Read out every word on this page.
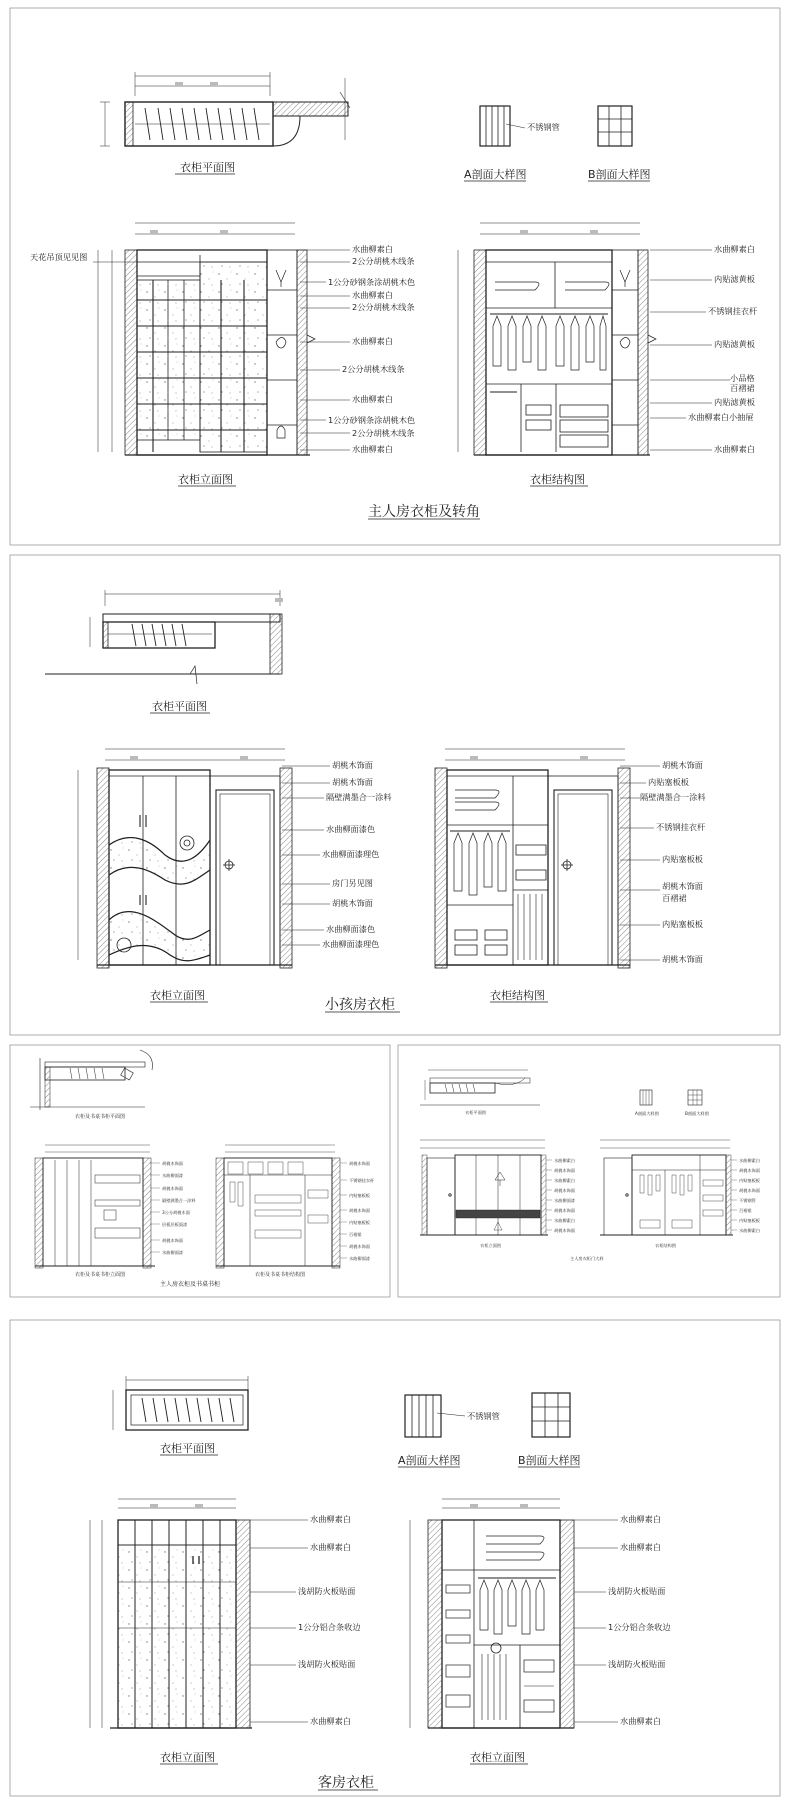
衣柜平面图
不锈钢管
A剖面大样图	B剖面大样图
天花吊顶见见图
水曲柳素白
2公分胡桃木线条
1公分砂钢条涂胡桃木色
水曲柳素白
2公分胡桃木线条
水曲柳素白
2公分胡桃木线条
水曲柳素白
1公分砂钢条涂胡桃木色
2公分胡桃木线条
水曲柳素白
衣柜立面图
水曲柳素白
内贴滤黄板
不锈钢挂衣杆
内贴滤黄板
小品格
百褶裙
内贴滤黄板
水曲柳素白小抽屉
水曲柳素白
衣柜结构图
主人房衣柜及转角
衣柜平面图
胡桃木饰面
胡桃木饰面
隔壁满墨合一涂料
水曲柳面漆色
水曲柳面漆理色
房门另见图
胡桃木饰面
水曲柳面漆色
水曲柳面漆理色
衣柜立面图
胡桃木饰面
内贴塞板板
隔壁满墨合一涂料
不锈钢挂衣杆
内贴塞板板
胡桃木饰面
百褶裙
内贴塞板板
胡桃木饰面
衣柜结构图
小孩房衣柜
衣柜及书桌书柜平面图
胡桃木饰面
水曲柳面漆
胡桃木饰面
隔壁满墨合一涂料
3公分胡桃木面
层板层板面漆
胡桃木饰面
水曲柳面漆
衣柜及书桌书柜立面图
胡桃木饰面
不锈钢挂衣杆
内贴塞板板
胡桃木饰面
内贴塞板板
百褶裙
胡桃木饰面
水曲柳面漆
衣柜及书桌书柜结构图
主人房衣柜及书桌书柜
衣柜平面图	A剖面大样图	B剖面大样图
水曲柳素白
胡桃木饰面
水曲柳素白
胡桃木饰面
水曲柳面漆
胡桃木饰面
水曲柳素白
胡桃木饰面
衣柜立面图
水曲柳素白
胡桃木饰面
内贴塞板板
胡桃木饰面
不锈钢管
百褶裙
内贴塞板板
水曲柳素白
衣柜结构图
主人房衣柜门大样
衣柜平面图
不锈钢管
A剖面大样图	B剖面大样图
水曲柳素白
水曲柳素白
浅胡防火板贴面
1公分铝合条收边
浅胡防火板贴面
水曲柳素白
衣柜立面图
水曲柳素白
水曲柳素白
浅胡防火板贴面
1公分铝合条收边
浅胡防火板贴面
水曲柳素白
衣柜立面图
客房衣柜
